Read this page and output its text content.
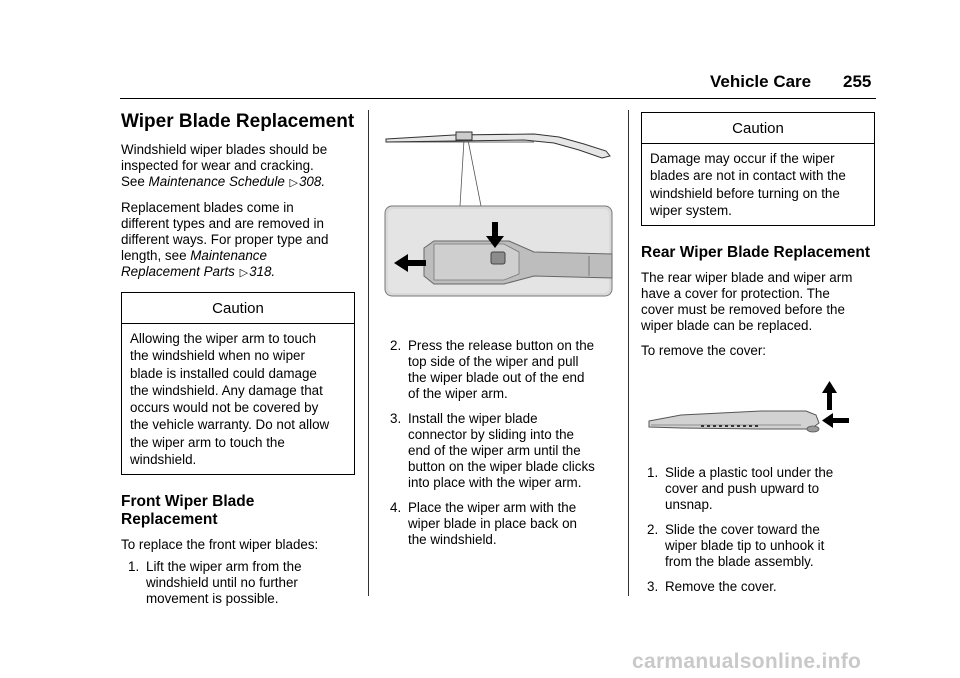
Vehicle Care 255
Wiper Blade Replacement

Windshield wiper blades should be
inspected for wear and cracking.
See Maintenance Schedule ▷308.

Replacement blades come in
different types and are removed in
different ways. For proper type and
length, see Maintenance
Replacement Parts ▷318.

Caution
Allowing the wiper arm to touch
the windshield when no wiper
blade is installed could damage
the windshield. Any damage that
occurs would not be covered by
the vehicle warranty. Do not allow
the wiper arm to touch the
windshield.
Front Wiper Blade
Replacement

To replace the front wiper blades:

1. Lift the wiper arm from the
windshield until no further
movement is possible.
2. Press the release button on the
top side of the wiper and pull
the wiper blade out of the end
of the wiper arm.
3. Install the wiper blade
connector by sliding into the
end of the wiper arm until the
button on the wiper blade clicks
into place with the wiper arm.
4. Place the wiper arm with the
wiper blade in place back on
the windshield.
Caution
Damage may occur if the wiper
blades are not in contact with the
windshield before turning on the
wiper system.
Rear Wiper Blade Replacement

The rear wiper blade and wiper arm
have a cover for protection. The
cover must be removed before the
wiper blade can be replaced.

To remove the cover:

1. Slide a plastic tool under the
cover and push upward to
unsnap.
2. Slide the cover toward the
wiper blade tip to unhook it
from the blade assembly.
3. Remove the cover.
carmanualsonline.info
